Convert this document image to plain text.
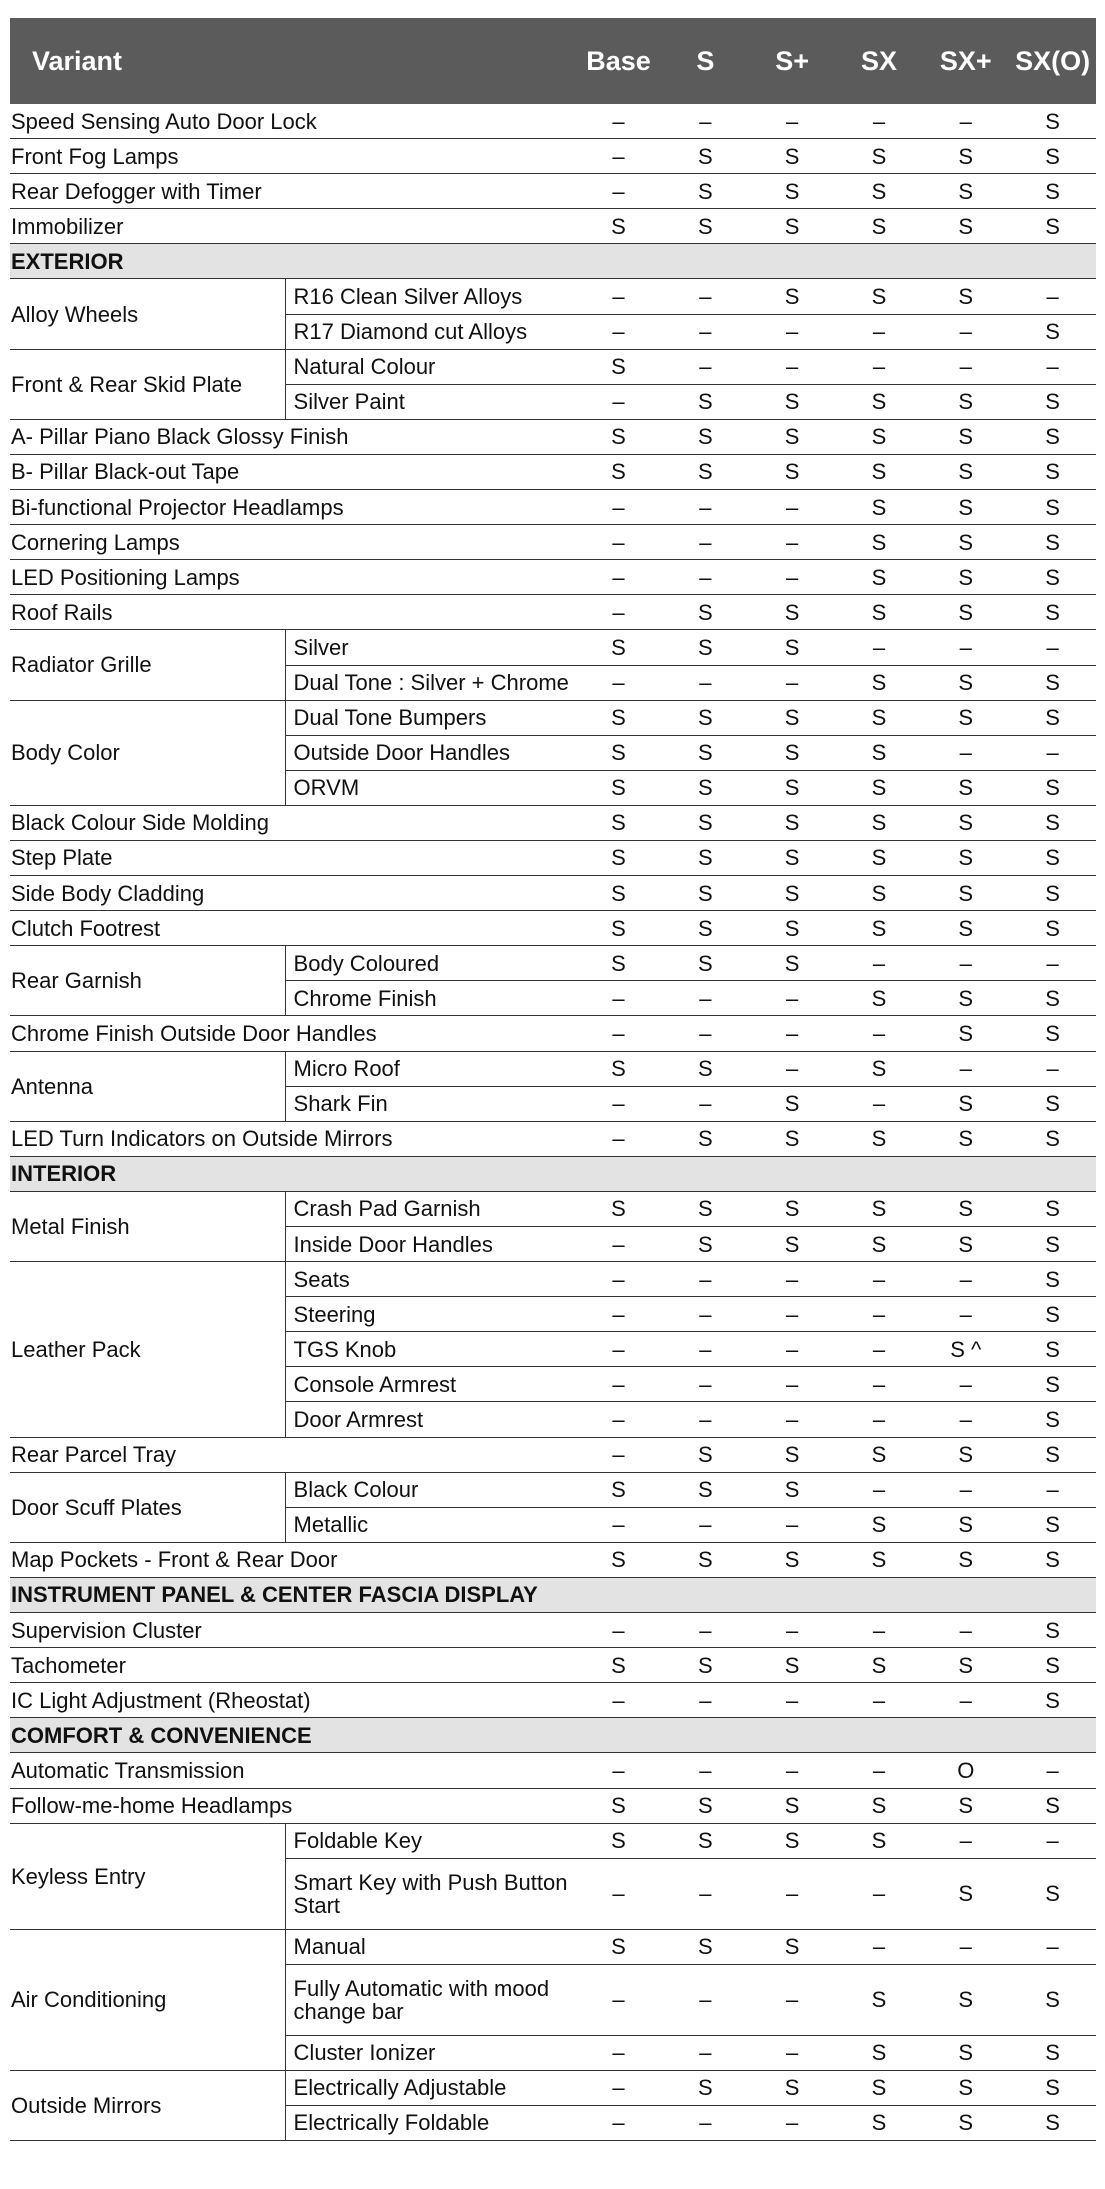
Variant		Base	S	S+	SX	SX+	SX(O)
Speed Sensing Auto Door Lock		–	–	–	–	–	S
Front Fog Lamps		–	S	S	S	S	S
Rear Defogger with Timer		–	S	S	S	S	S
Immobilizer		S	S	S	S	S	S
EXTERIOR							
Alloy Wheels	R16 Clean Silver Alloys	–	–	S	S	S	–
	R17 Diamond cut Alloys	–	–	–	–	–	S
Front & Rear Skid Plate	Natural Colour	S	–	–	–	–	–
	Silver Paint	–	S	S	S	S	S
A- Pillar Piano Black Glossy Finish		S	S	S	S	S	S
B- Pillar Black-out Tape		S	S	S	S	S	S
Bi-functional Projector Headlamps		–	–	–	S	S	S
Cornering Lamps		–	–	–	S	S	S
LED Positioning Lamps		–	–	–	S	S	S
Roof Rails		–	S	S	S	S	S
Radiator Grille	Silver	S	S	S	–	–	–
	Dual Tone : Silver + Chrome	–	–	–	S	S	S
Body Color	Dual Tone Bumpers	S	S	S	S	S	S
	Outside Door Handles	S	S	S	S	–	–
	ORVM	S	S	S	S	S	S
Black Colour Side Molding		S	S	S	S	S	S
Step Plate		S	S	S	S	S	S
Side Body Cladding		S	S	S	S	S	S
Clutch Footrest		S	S	S	S	S	S
Rear Garnish	Body Coloured	S	S	S	–	–	–
	Chrome Finish	–	–	–	S	S	S
Chrome Finish Outside Door Handles		–	–	–	–	S	S
Antenna	Micro Roof	S	S	–	S	–	–
	Shark Fin	–	–	S	–	S	S
LED Turn Indicators on Outside Mirrors		–	S	S	S	S	S
INTERIOR							
Metal Finish	Crash Pad Garnish	S	S	S	S	S	S
	Inside Door Handles	–	S	S	S	S	S
Leather Pack	Seats	–	–	–	–	–	S
	Steering	–	–	–	–	–	S
	TGS Knob	–	–	–	–	S ^	S
	Console Armrest	–	–	–	–	–	S
	Door Armrest	–	–	–	–	–	S
Rear Parcel Tray		–	S	S	S	S	S
Door Scuff Plates	Black Colour	S	S	S	–	–	–
	Metallic	–	–	–	S	S	S
Map Pockets - Front & Rear Door		S	S	S	S	S	S
INSTRUMENT PANEL & CENTER FASCIA DISPLAY							
Supervision Cluster		–	–	–	–	–	S
Tachometer		S	S	S	S	S	S
IC Light Adjustment (Rheostat)		–	–	–	–	–	S
COMFORT & CONVENIENCE							
Automatic Transmission		–	–	–	–	O	–
Follow-me-home Headlamps		S	S	S	S	S	S
Keyless Entry	Foldable Key	S	S	S	S	–	–
	Smart Key with Push Button Start	–	–	–	–	S	S
Air Conditioning	Manual	S	S	S	–	–	–
	Fully Automatic with mood change bar	–	–	–	S	S	S
	Cluster Ionizer	–	–	–	S	S	S
Outside Mirrors	Electrically Adjustable	–	S	S	S	S	S
	Electrically Foldable	–	–	–	S	S	S
